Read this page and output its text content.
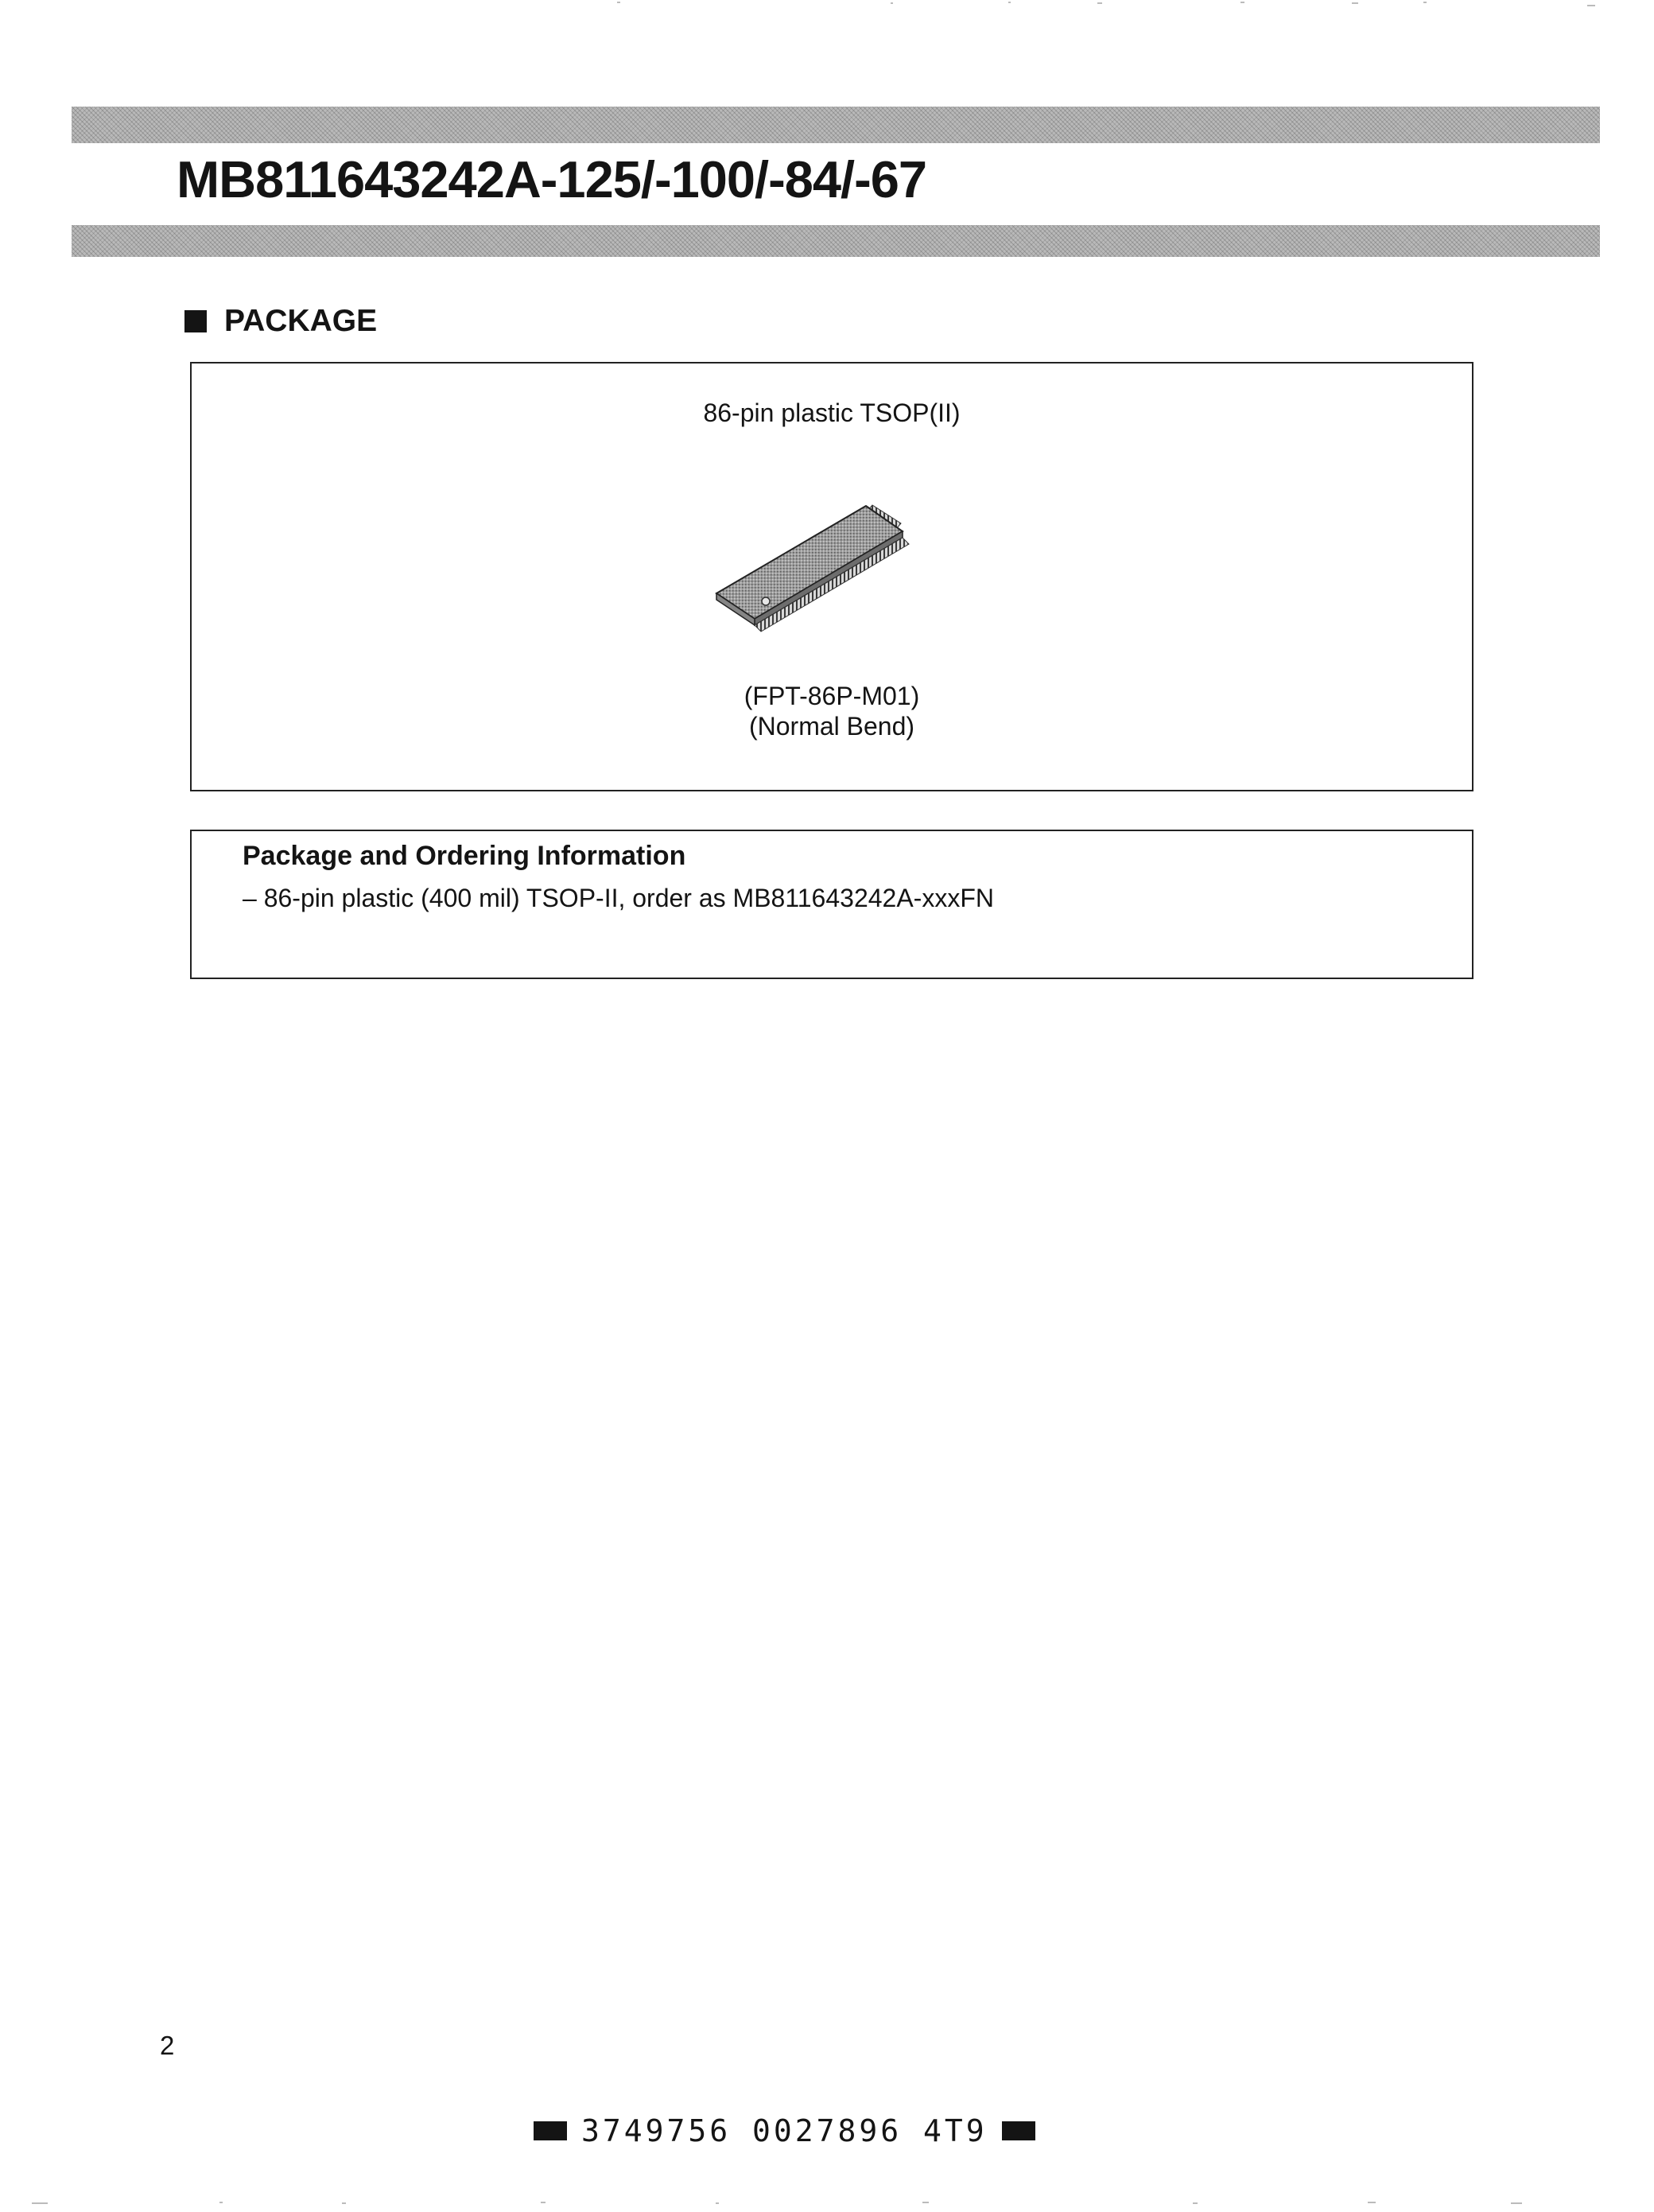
MB811643242A-125/-100/-84/-67
PACKAGE
86-pin plastic TSOP(II)
(FPT-86P-M01)
(Normal Bend)
Package and Ordering Information
– 86-pin plastic (400 mil) TSOP-II, order as MB811643242A-xxxFN
2
3749756 0027896 4T9
